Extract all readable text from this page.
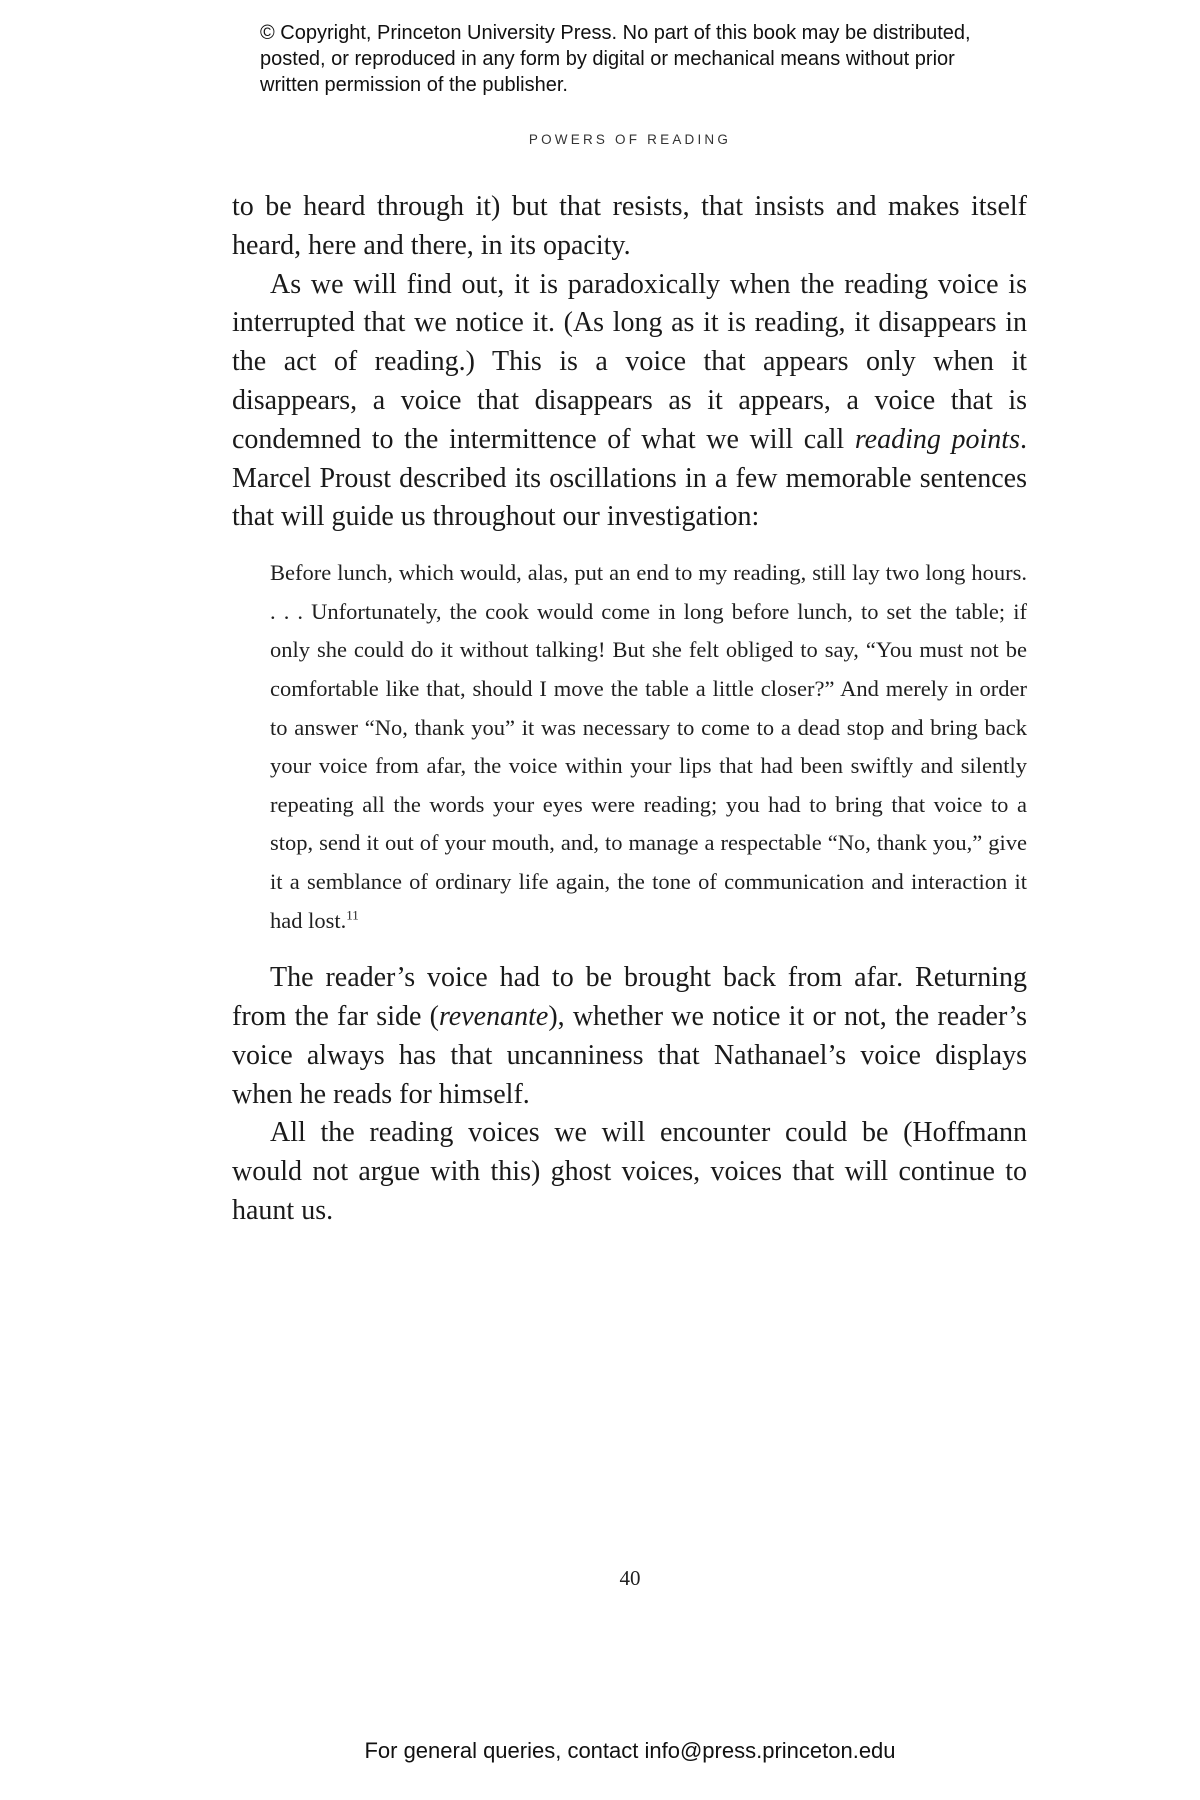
© Copyright, Princeton University Press. No part of this book may be distributed, posted, or reproduced in any form by digital or mechanical means without prior written permission of the publisher.
POWERS OF READING

to be heard through it) but that resists, that insists and makes itself heard, here and there, in its opacity.

As we will find out, it is paradoxically when the reading voice is interrupted that we notice it. (As long as it is reading, it disappears in the act of reading.) This is a voice that appears only when it disappears, a voice that disappears as it appears, a voice that is condemned to the intermittence of what we will call reading points. Marcel Proust described its oscillations in a few memorable sentences that will guide us throughout our investigation:

Before lunch, which would, alas, put an end to my reading, still lay two long hours. . . . Unfortunately, the cook would come in long before lunch, to set the table; if only she could do it without talking! But she felt obliged to say, “You must not be comfortable like that, should I move the table a little closer?” And merely in order to answer “No, thank you” it was necessary to come to a dead stop and bring back your voice from afar, the voice within your lips that had been swiftly and silently repeating all the words your eyes were reading; you had to bring that voice to a stop, send it out of your mouth, and, to manage a respectable “No, thank you,” give it a semblance of ordinary life again, the tone of communication and interaction it had lost.$^{11}$

The reader’s voice had to be brought back from afar. Returning from the far side (revenante), whether we notice it or not, the reader’s voice always has that uncanniness that Nathanael’s voice displays when he reads for himself.

All the reading voices we will encounter could be (Hoffmann would not argue with this) ghost voices, voices that will continue to haunt us.

40
For general queries, contact info@press.princeton.edu
